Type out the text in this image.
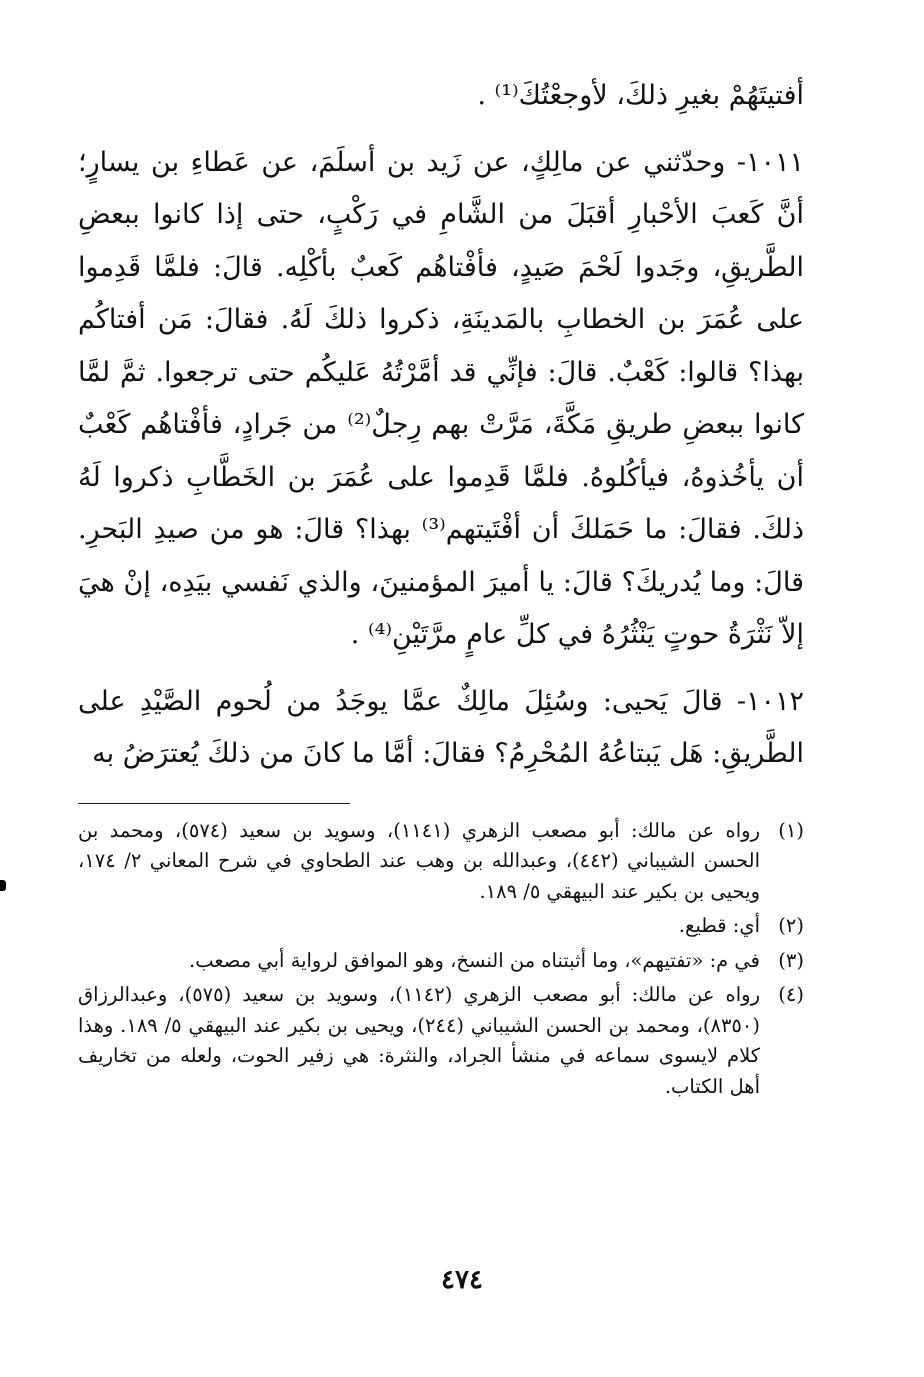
أفتيتَهُمْ بغيرِ ذلكَ، لأوجعْتُكَ⁽¹⁾ .

١٠١١- وحدّثني عن مالِكٍ، عن زَيد بن أسلَمَ، عن عَطاءِ بن يسارٍ؛ أنَّ كَعبَ الأحْبارِ أقبَلَ من الشَّامِ في رَكْبٍ، حتى إذا كانوا ببعضِ الطَّريقِ، وجَدوا لَحْمَ صَيدٍ، فأفْتاهُم كَعبٌ بأكْلِه. قالَ: فلمَّا قَدِموا على عُمَرَ بن الخطابِ بالمَدينَةِ، ذكروا ذلكَ لَهُ. فقالَ: مَن أفتاكُم بهذا؟ قالوا: كَعْبٌ. قالَ: فإنِّي قد أمَّرْتُهُ عَليكُم حتى ترجعوا. ثمَّ لمَّا كانوا ببعضِ طريقِ مَكَّةَ، مَرَّتْ بهم رِجلٌ⁽²⁾ من جَرادٍ، فأفْتاهُم كَعْبٌ أن يأخُذوهُ، فيأكُلوهُ. فلمَّا قَدِموا على عُمَرَ بن الخَطَّابِ ذكروا لَهُ ذلكَ. فقالَ: ما حَمَلكَ أن أفْتَيتهم⁽³⁾ بهذا؟ قالَ: هو من صيدِ البَحرِ. قالَ: وما يُدريكَ؟ قالَ: يا أميرَ المؤمنينَ، والذي نَفسي بيَدِه، إنْ هيَ إلاّ نَثْرَةُ حوتٍ يَنْثُرُهُ في كلِّ عامٍ مرَّتَيْنِ⁽⁴⁾ .

١٠١٢- قالَ يَحيى: وسُئِلَ مالِكٌ عمَّا يوجَدُ من لُحوم الصَّيْدِ على الطَّريقِ: هَل يَبتاعُهُ المُحْرِمُ؟ فقالَ: أمَّا ما كانَ من ذلكَ يُعترَضُ به

(١)
رواه عن مالك: أبو مصعب الزهري (١١٤١)، وسويد بن سعيد (٥٧٤)، ومحمد بن الحسن الشيباني (٤٤٢)، وعبدالله بن وهب عند الطحاوي في شرح المعاني ٢/ ١٧٤، ويحيى بن بكير عند البيهقي ٥/ ١٨٩.
(٢)
أي: قطيع.
(٣)
في م: «تفتيهم»، وما أثبتناه من النسخ، وهو الموافق لرواية أبي مصعب.
(٤)
رواه عن مالك: أبو مصعب الزهري (١١٤٢)، وسويد بن سعيد (٥٧٥)، وعبدالرزاق (٨٣٥٠)، ومحمد بن الحسن الشيباني (٢٤٤)، ويحيى بن بكير عند البيهقي ٥/ ١٨٩. وهذا كلام لايسوى سماعه في منشأ الجراد، والنثرة: هي زفير الحوت، ولعله من تخاريف أهل الكتاب.
٤٧٤
